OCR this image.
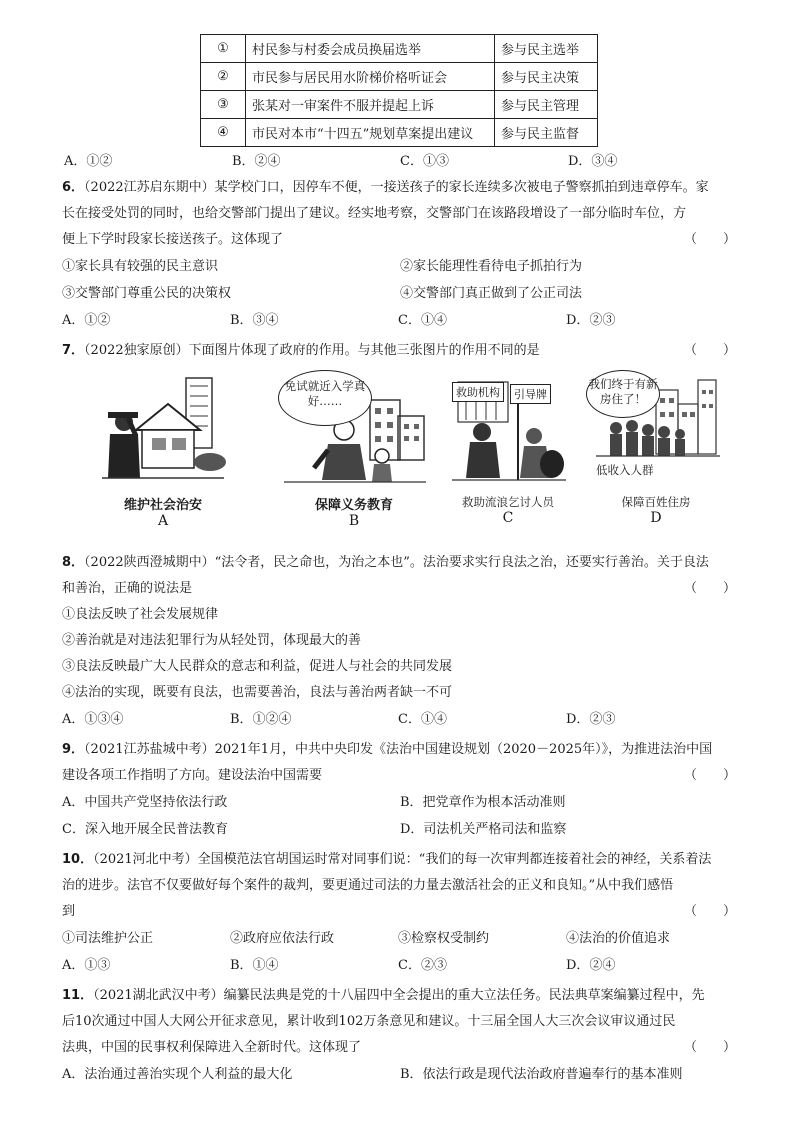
①	村民参与村委会成员换届选举	参与民主选举
②	市民参与居民用水阶梯价格听证会	参与民主决策
③	张某对一审案件不服并提起上诉	参与民主管理
④	市民对本市“十四五”规划草案提出建议	参与民主监督
A．①②	B．②④	C．①③	D．③④
6．（2022江苏启东期中）某学校门口，因停车不便，一接送孩子的家长连续多次被电子警察抓拍到违章停车。家
长在接受处罚的同时，也给交警部门提出了建议。经实地考察，交警部门在该路段增设了一部分临时车位，方
便上下学时段家长接送孩子。这体现了	（　　）
①家长具有较强的民主意识	②家长能理性看待电子抓拍行为
③交警部门尊重公民的决策权	④交警部门真正做到了公正司法
A．①②	B．③④	C．①④	D．②③
7．（2022独家原创）下面图片体现了政府的作用。与其他三张图片的作用不同的是	（　　）
维护社会治安
A
免试就近入学真好……
保障义务教育
B
救助机构	引导牌
救助流浪乞讨人员
C
我们终于有新房住了！
低收入人群
保障百姓住房
D
8．（2022陕西澄城期中）“法令者，民之命也，为治之本也”。法治要求实行良法之治，还要实行善治。关于良法
和善治，正确的说法是	（　　）
①良法反映了社会发展规律
②善治就是对违法犯罪行为从轻处罚，体现最大的善
③良法反映最广大人民群众的意志和利益，促进人与社会的共同发展
④法治的实现，既要有良法，也需要善治，良法与善治两者缺一不可
A．①③④	B．①②④	C．①④	D．②③
9．（2021江苏盐城中考）2021年1月，中共中央印发《法治中国建设规划（2020－2025年）》，为推进法治中国
建设各项工作指明了方向。建设法治中国需要	（　　）
A．中国共产党坚持依法行政	B．把党章作为根本活动准则
C．深入地开展全民普法教育	D．司法机关严格司法和监察
10．（2021河北中考）全国模范法官胡国运时常对同事们说：“我们的每一次审判都连接着社会的神经，关系着法
治的进步。法官不仅要做好每个案件的裁判，要更通过司法的力量去激活社会的正义和良知。”从中我们感悟
到	（　　）
①司法维护公正	②政府应依法行政	③检察权受制约	④法治的价值追求
A．①③	B．①④	C．②③	D．②④
11．（2021湖北武汉中考）编纂民法典是党的十八届四中全会提出的重大立法任务。民法典草案编纂过程中，先
后10次通过中国人大网公开征求意见，累计收到102万条意见和建议。十三届全国人大三次会议审议通过民
法典，中国的民事权利保障进入全新时代。这体现了	（　　）
A．法治通过善治实现个人利益的最大化	B．依法行政是现代法治政府普遍奉行的基本准则
